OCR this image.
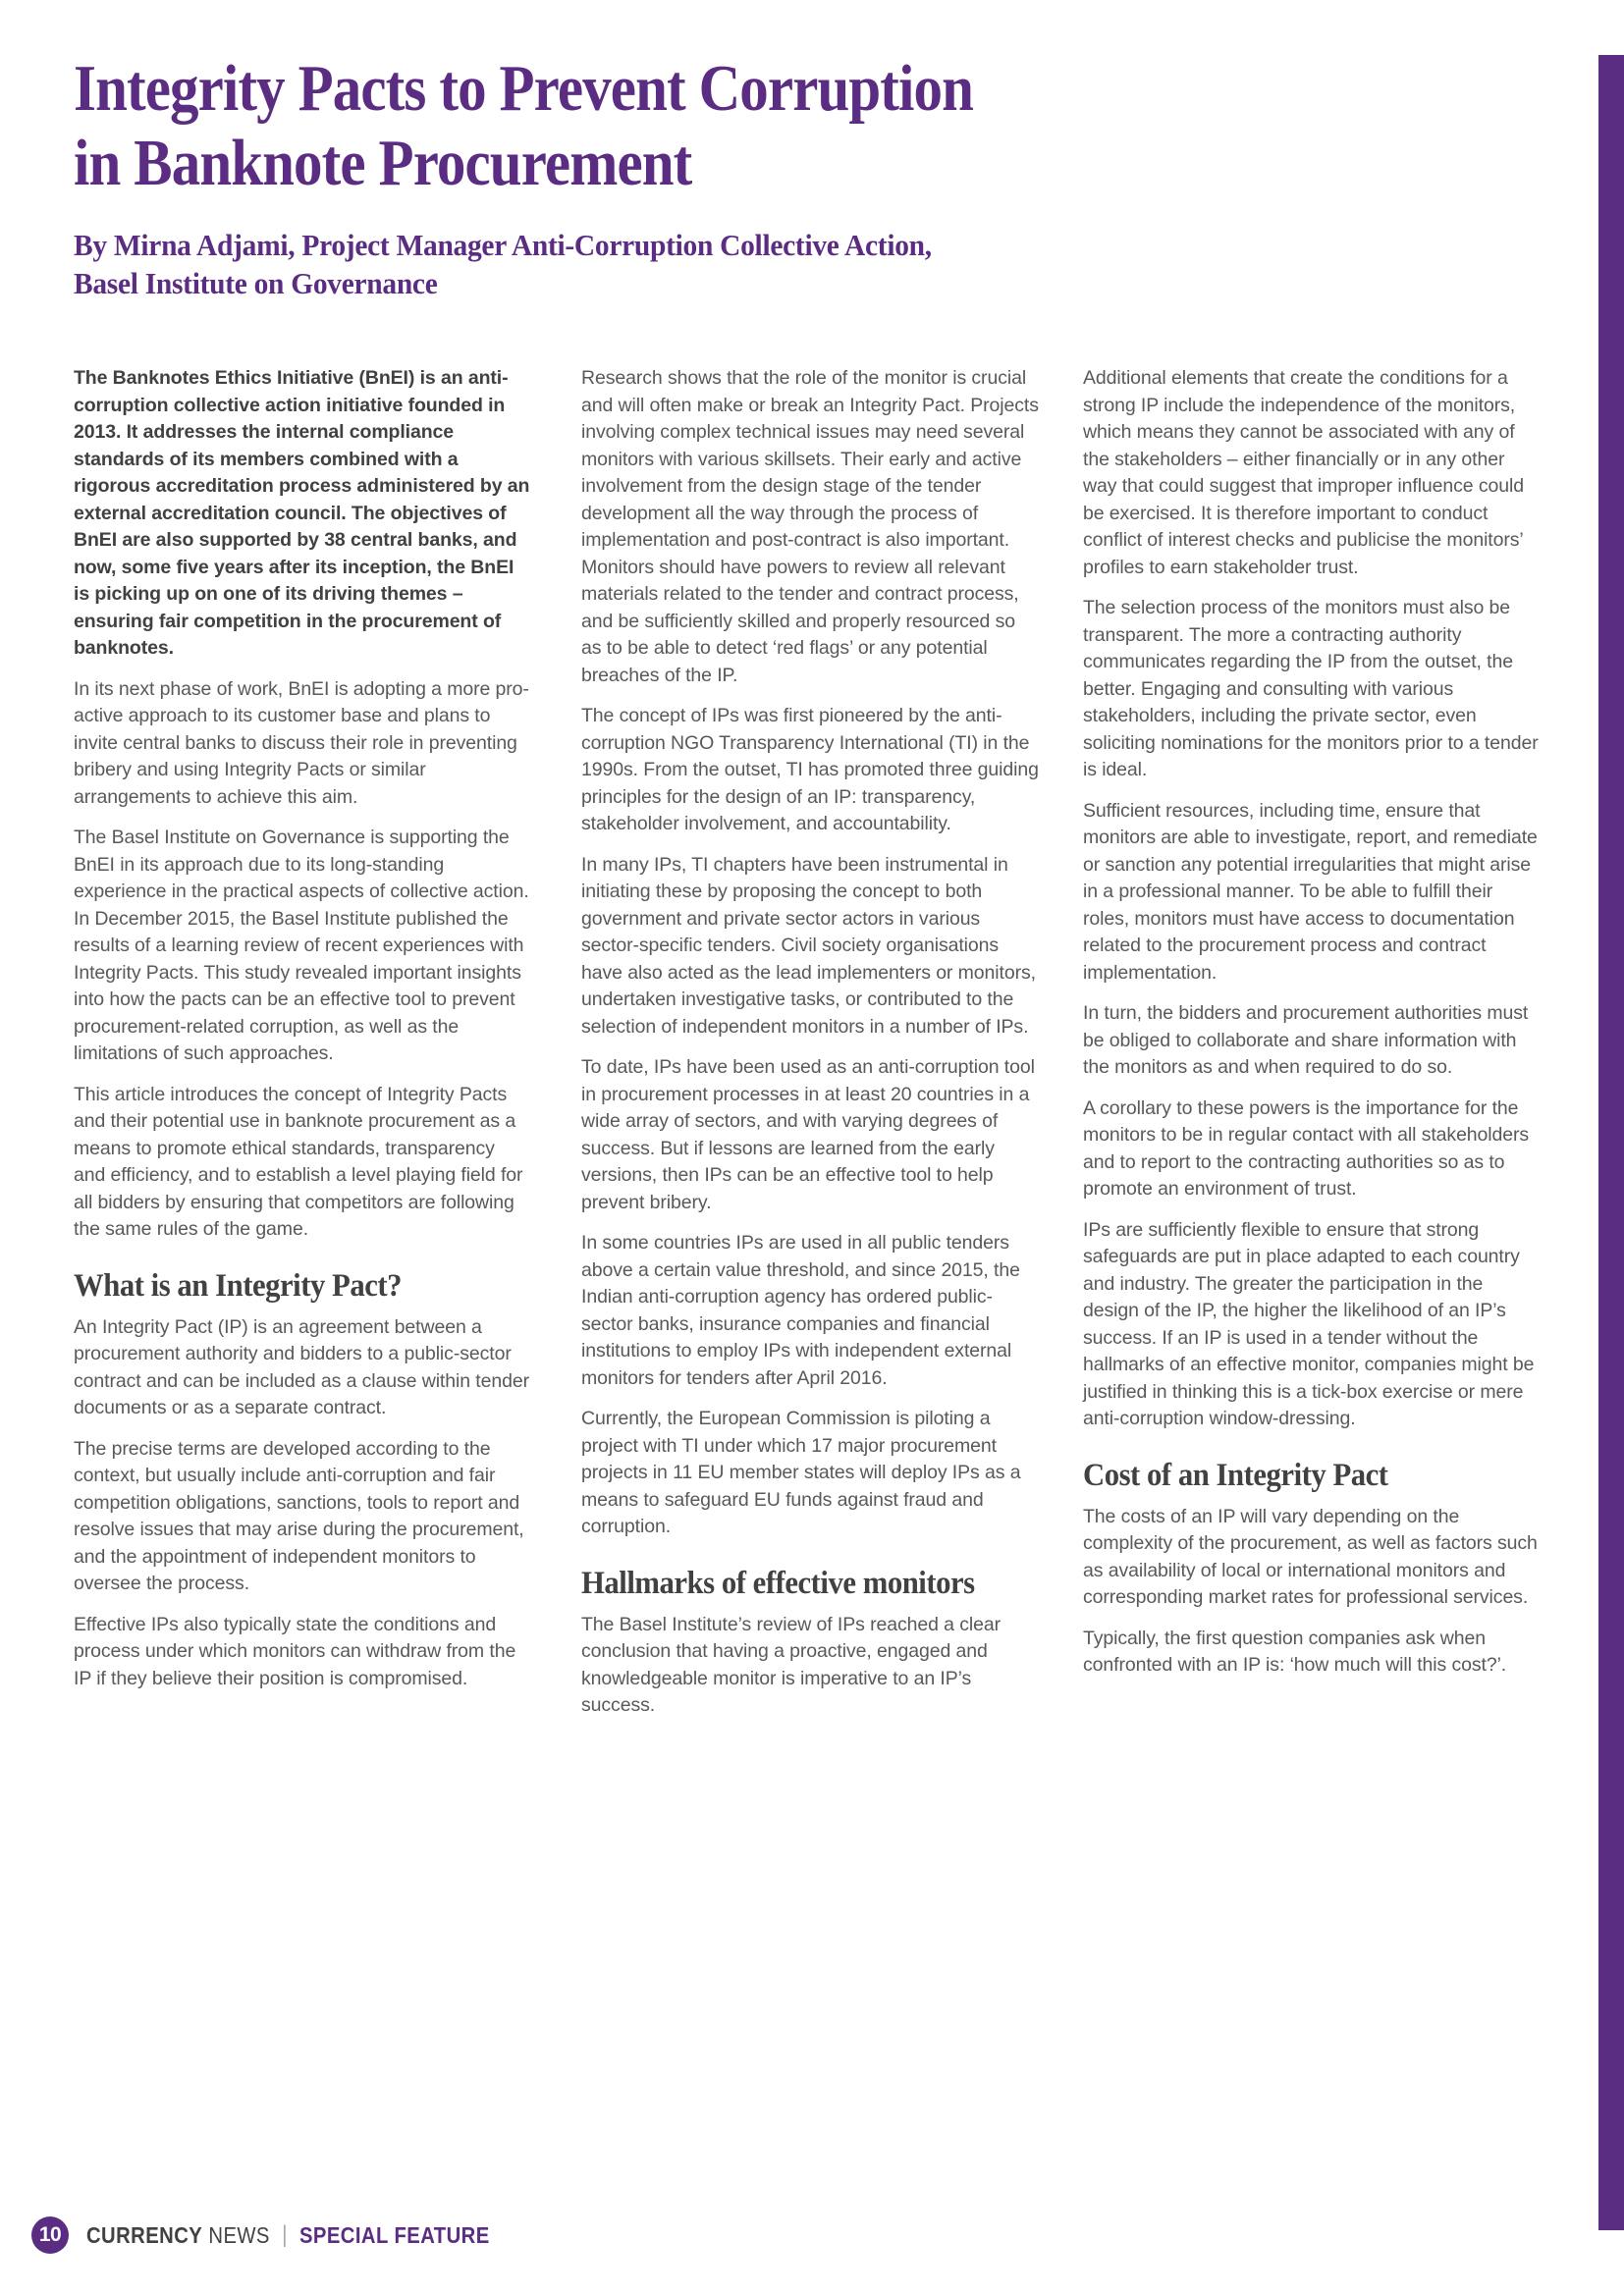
Integrity Pacts to Prevent Corruption
in Banknote Procurement
By Mirna Adjami, Project Manager Anti-Corruption Collective Action,
Basel Institute on Governance

The Banknotes Ethics Initiative (BnEI) is an anti-corruption collective action initiative founded in 2013. It addresses the internal compliance standards of its members combined with a rigorous accreditation process administered by an external accreditation council. The objectives of BnEI are also supported by 38 central banks, and now, some five years after its inception, the BnEI is picking up on one of its driving themes – ensuring fair competition in the procurement of banknotes.

In its next phase of work, BnEI is adopting a more pro-active approach to its customer base and plans to invite central banks to discuss their role in preventing bribery and using Integrity Pacts or similar arrangements to achieve this aim.

The Basel Institute on Governance is supporting the BnEI in its approach due to its long-standing experience in the practical aspects of collective action. In December 2015, the Basel Institute published the results of a learning review of recent experiences with Integrity Pacts. This study revealed important insights into how the pacts can be an effective tool to prevent procurement-related corruption, as well as the limitations of such approaches.

This article introduces the concept of Integrity Pacts and their potential use in banknote procurement as a means to promote ethical standards, transparency and efficiency, and to establish a level playing field for all bidders by ensuring that competitors are following the same rules of the game.

What is an Integrity Pact?

An Integrity Pact (IP) is an agreement between a procurement authority and bidders to a public-sector contract and can be included as a clause within tender documents or as a separate contract.

The precise terms are developed according to the context, but usually include anti-corruption and fair competition obligations, sanctions, tools to report and resolve issues that may arise during the procurement, and the appointment of independent monitors to oversee the process.

Effective IPs also typically state the conditions and process under which monitors can withdraw from the IP if they believe their position is compromised.

Research shows that the role of the monitor is crucial and will often make or break an Integrity Pact. Projects involving complex technical issues may need several monitors with various skillsets. Their early and active involvement from the design stage of the tender development all the way through the process of implementation and post-contract is also important. Monitors should have powers to review all relevant materials related to the tender and contract process, and be sufficiently skilled and properly resourced so as to be able to detect ‘red flags’ or any potential breaches of the IP.

The concept of IPs was first pioneered by the anti-corruption NGO Transparency International (TI) in the 1990s. From the outset, TI has promoted three guiding principles for the design of an IP: transparency, stakeholder involvement, and accountability.

In many IPs, TI chapters have been instrumental in initiating these by proposing the concept to both government and private sector actors in various sector-specific tenders. Civil society organisations have also acted as the lead implementers or monitors, undertaken investigative tasks, or contributed to the selection of independent monitors in a number of IPs.

To date, IPs have been used as an anti-corruption tool in procurement processes in at least 20 countries in a wide array of sectors, and with varying degrees of success. But if lessons are learned from the early versions, then IPs can be an effective tool to help prevent bribery.

In some countries IPs are used in all public tenders above a certain value threshold, and since 2015, the Indian anti-corruption agency has ordered public-sector banks, insurance companies and financial institutions to employ IPs with independent external monitors for tenders after April 2016.

Currently, the European Commission is piloting a project with TI under which 17 major procurement projects in 11 EU member states will deploy IPs as a means to safeguard EU funds against fraud and corruption.

Hallmarks of effective monitors

The Basel Institute’s review of IPs reached a clear conclusion that having a proactive, engaged and knowledgeable monitor is imperative to an IP’s success.

Additional elements that create the conditions for a strong IP include the independence of the monitors, which means they cannot be associated with any of the stakeholders – either financially or in any other way that could suggest that improper influence could be exercised. It is therefore important to conduct conflict of interest checks and publicise the monitors’ profiles to earn stakeholder trust.

The selection process of the monitors must also be transparent. The more a contracting authority communicates regarding the IP from the outset, the better. Engaging and consulting with various stakeholders, including the private sector, even soliciting nominations for the monitors prior to a tender is ideal.

Sufficient resources, including time, ensure that monitors are able to investigate, report, and remediate or sanction any potential irregularities that might arise in a professional manner. To be able to fulfill their roles, monitors must have access to documentation related to the procurement process and contract implementation.

In turn, the bidders and procurement authorities must be obliged to collaborate and share information with the monitors as and when required to do so.

A corollary to these powers is the importance for the monitors to be in regular contact with all stakeholders and to report to the contracting authorities so as to promote an environment of trust.

IPs are sufficiently flexible to ensure that strong safeguards are put in place adapted to each country and industry. The greater the participation in the design of the IP, the higher the likelihood of an IP’s success. If an IP is used in a tender without the hallmarks of an effective monitor, companies might be justified in thinking this is a tick-box exercise or mere anti-corruption window-dressing.

Cost of an Integrity Pact

The costs of an IP will vary depending on the complexity of the procurement, as well as factors such as availability of local or international monitors and corresponding market rates for professional services.

Typically, the first question companies ask when confronted with an IP is: ‘how much will this cost?’.

10 CURRENCY NEWS | SPECIAL FEATURE
